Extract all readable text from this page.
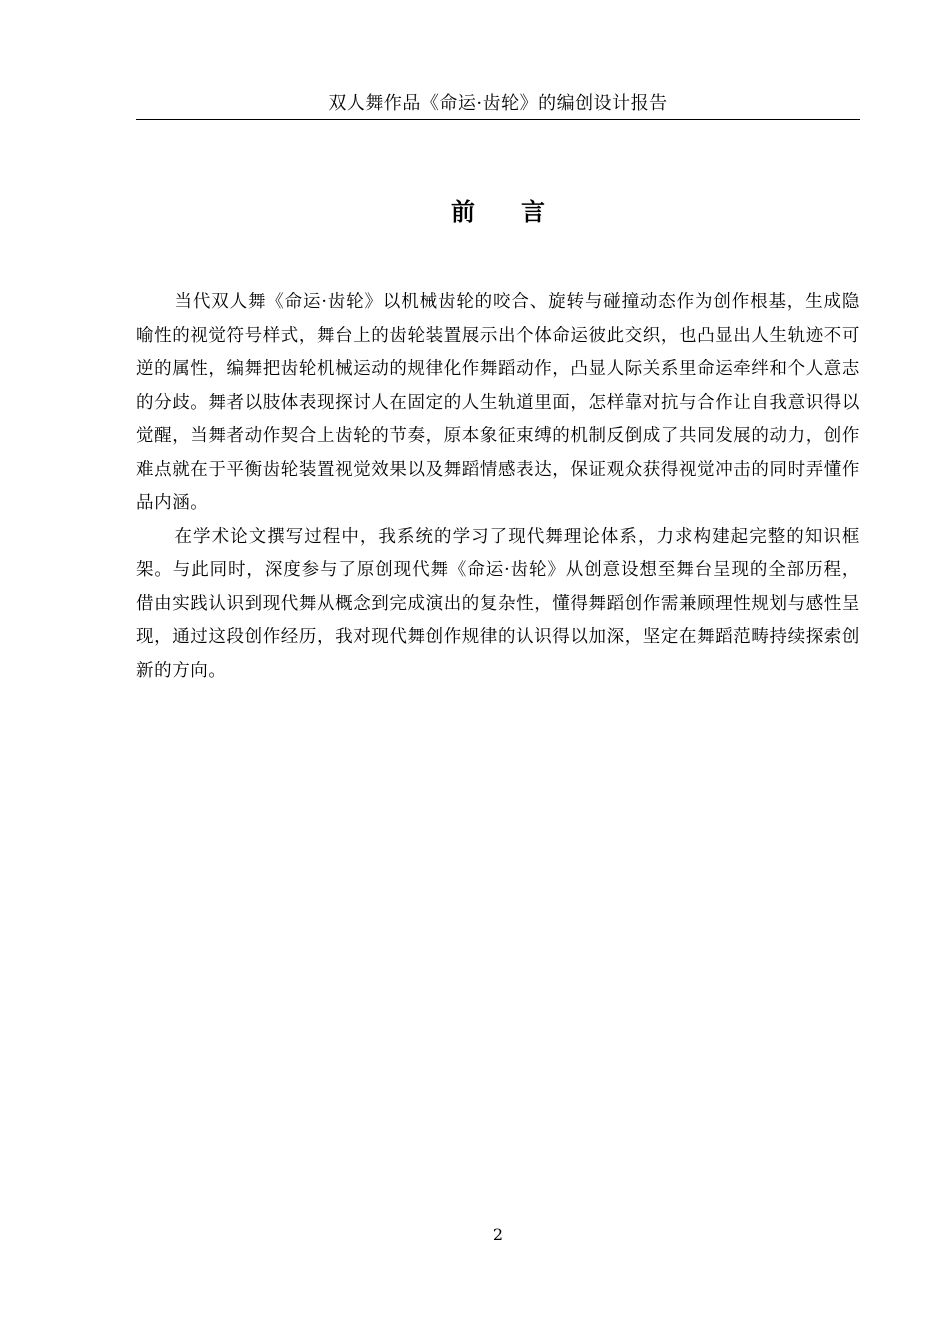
双人舞作品《命运·齿轮》的编创设计报告
前 言

当代双人舞《命运·齿轮》以机械齿轮的咬合、旋转与碰撞动态作为创作根基，生成隐喻性的视觉符号样式，舞台上的齿轮装置展示出个体命运彼此交织，也凸显出人生轨迹不可逆的属性，编舞把齿轮机械运动的规律化作舞蹈动作，凸显人际关系里命运牵绊和个人意志的分歧。舞者以肢体表现探讨人在固定的人生轨道里面，怎样靠对抗与合作让自我意识得以觉醒，当舞者动作契合上齿轮的节奏，原本象征束缚的机制反倒成了共同发展的动力，创作难点就在于平衡齿轮装置视觉效果以及舞蹈情感表达，保证观众获得视觉冲击的同时弄懂作品内涵。

在学术论文撰写过程中，我系统的学习了现代舞理论体系，力求构建起完整的知识框架。与此同时，深度参与了原创现代舞《命运·齿轮》从创意设想至舞台呈现的全部历程，借由实践认识到现代舞从概念到完成演出的复杂性，懂得舞蹈创作需兼顾理性规划与感性呈现，通过这段创作经历，我对现代舞创作规律的认识得以加深，坚定在舞蹈范畴持续探索创新的方向。

2
